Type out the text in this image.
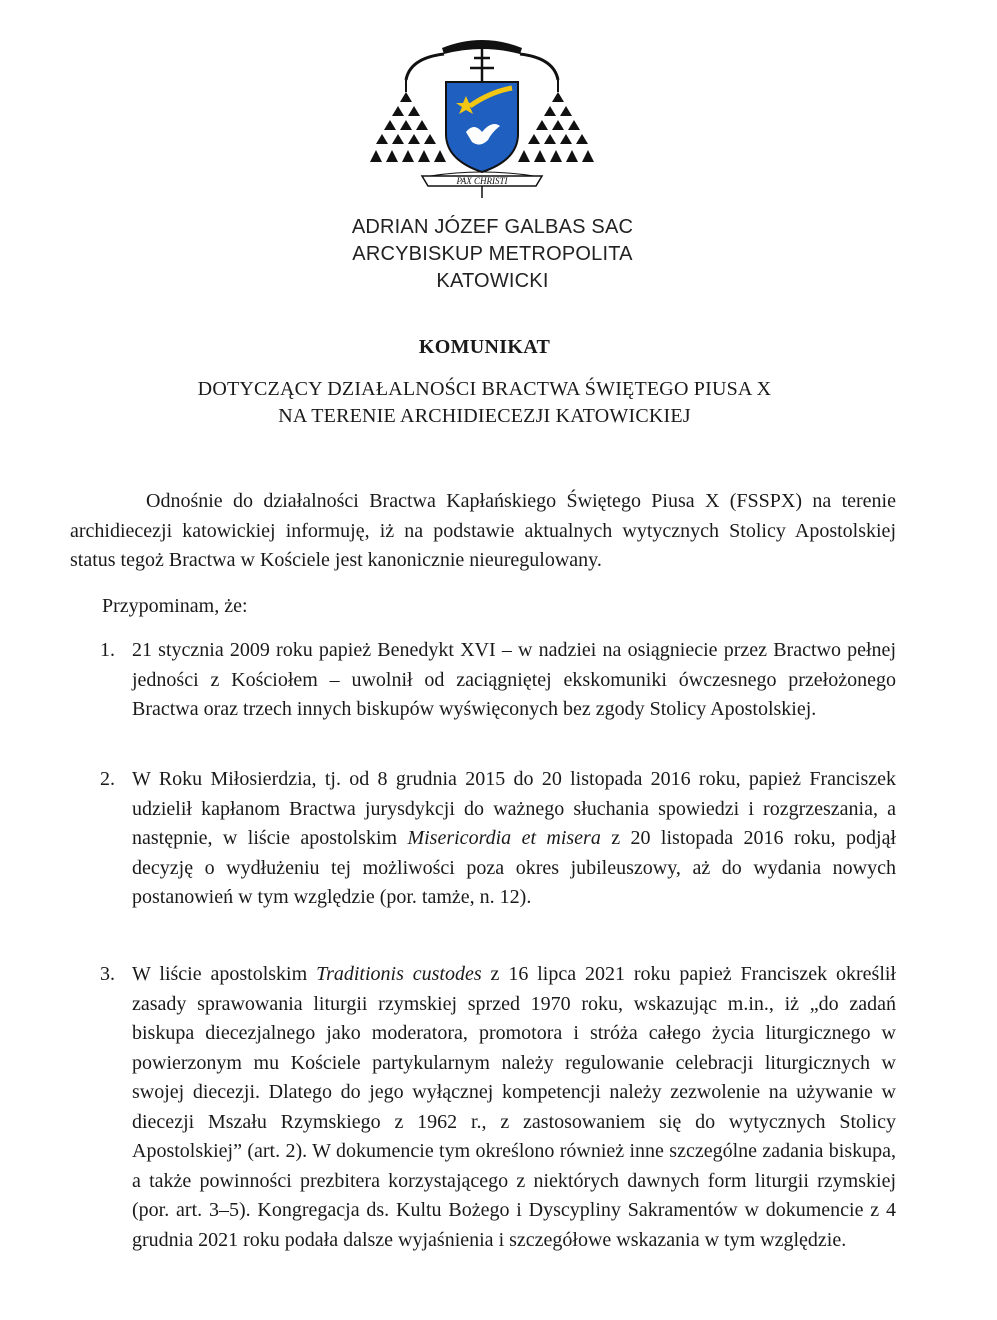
PAX CHRISTI
ADRIAN JÓZEF GALBAS SAC
ARCYBISKUP METROPOLITA
KATOWICKI
KOMUNIKAT
DOTYCZĄCY DZIAŁALNOŚCI BRACTWA ŚWIĘTEGO PIUSA X
NA TERENIE ARCHIDIECEZJI KATOWICKIEJ
Odnośnie do działalności Bractwa Kapłańskiego Świętego Piusa X (FSSPX) na terenie archidiecezji katowickiej informuję, iż na podstawie aktualnych wytycznych Stolicy Apostolskiej status tegoż Bractwa w Kościele jest kanonicznie nieuregulowany.
Przypominam, że:
1. 21 stycznia 2009 roku papież Benedykt XVI – w nadziei na osiągniecie przez Bractwo pełnej jedności z Kościołem – uwolnił od zaciągniętej ekskomuniki ówczesnego przełożonego Bractwa oraz trzech innych biskupów wyświęconych bez zgody Stolicy Apostolskiej.
2. W Roku Miłosierdzia, tj. od 8 grudnia 2015 do 20 listopada 2016 roku, papież Franciszek udzielił kapłanom Bractwa jurysdykcji do ważnego słuchania spowiedzi i rozgrzeszania, a następnie, w liście apostolskim Misericordia et misera z 20 listopada 2016 roku, podjął decyzję o wydłużeniu tej możliwości poza okres jubileuszowy, aż do wydania nowych postanowień w tym względzie (por. tamże, n. 12).
3. W liście apostolskim Traditionis custodes z 16 lipca 2021 roku papież Franciszek określił zasady sprawowania liturgii rzymskiej sprzed 1970 roku, wskazując m.in., iż „do zadań biskupa diecezjalnego jako moderatora, promotora i stróża całego życia liturgicznego w powierzonym mu Kościele partykularnym należy regulowanie celebracji liturgicznych w swojej diecezji. Dlatego do jego wyłącznej kompetencji należy zezwolenie na używanie w diecezji Mszału Rzymskiego z 1962 r., z zastosowaniem się do wytycznych Stolicy Apostolskiej” (art. 2). W dokumencie tym określono również inne szczególne zadania biskupa, a także powinności prezbitera korzystającego z niektórych dawnych form liturgii rzymskiej (por. art. 3–5). Kongregacja ds. Kultu Bożego i Dyscypliny Sakramentów w dokumencie z 4 grudnia 2021 roku podała dalsze wyjaśnienia i szczegółowe wskazania w tym względzie.
